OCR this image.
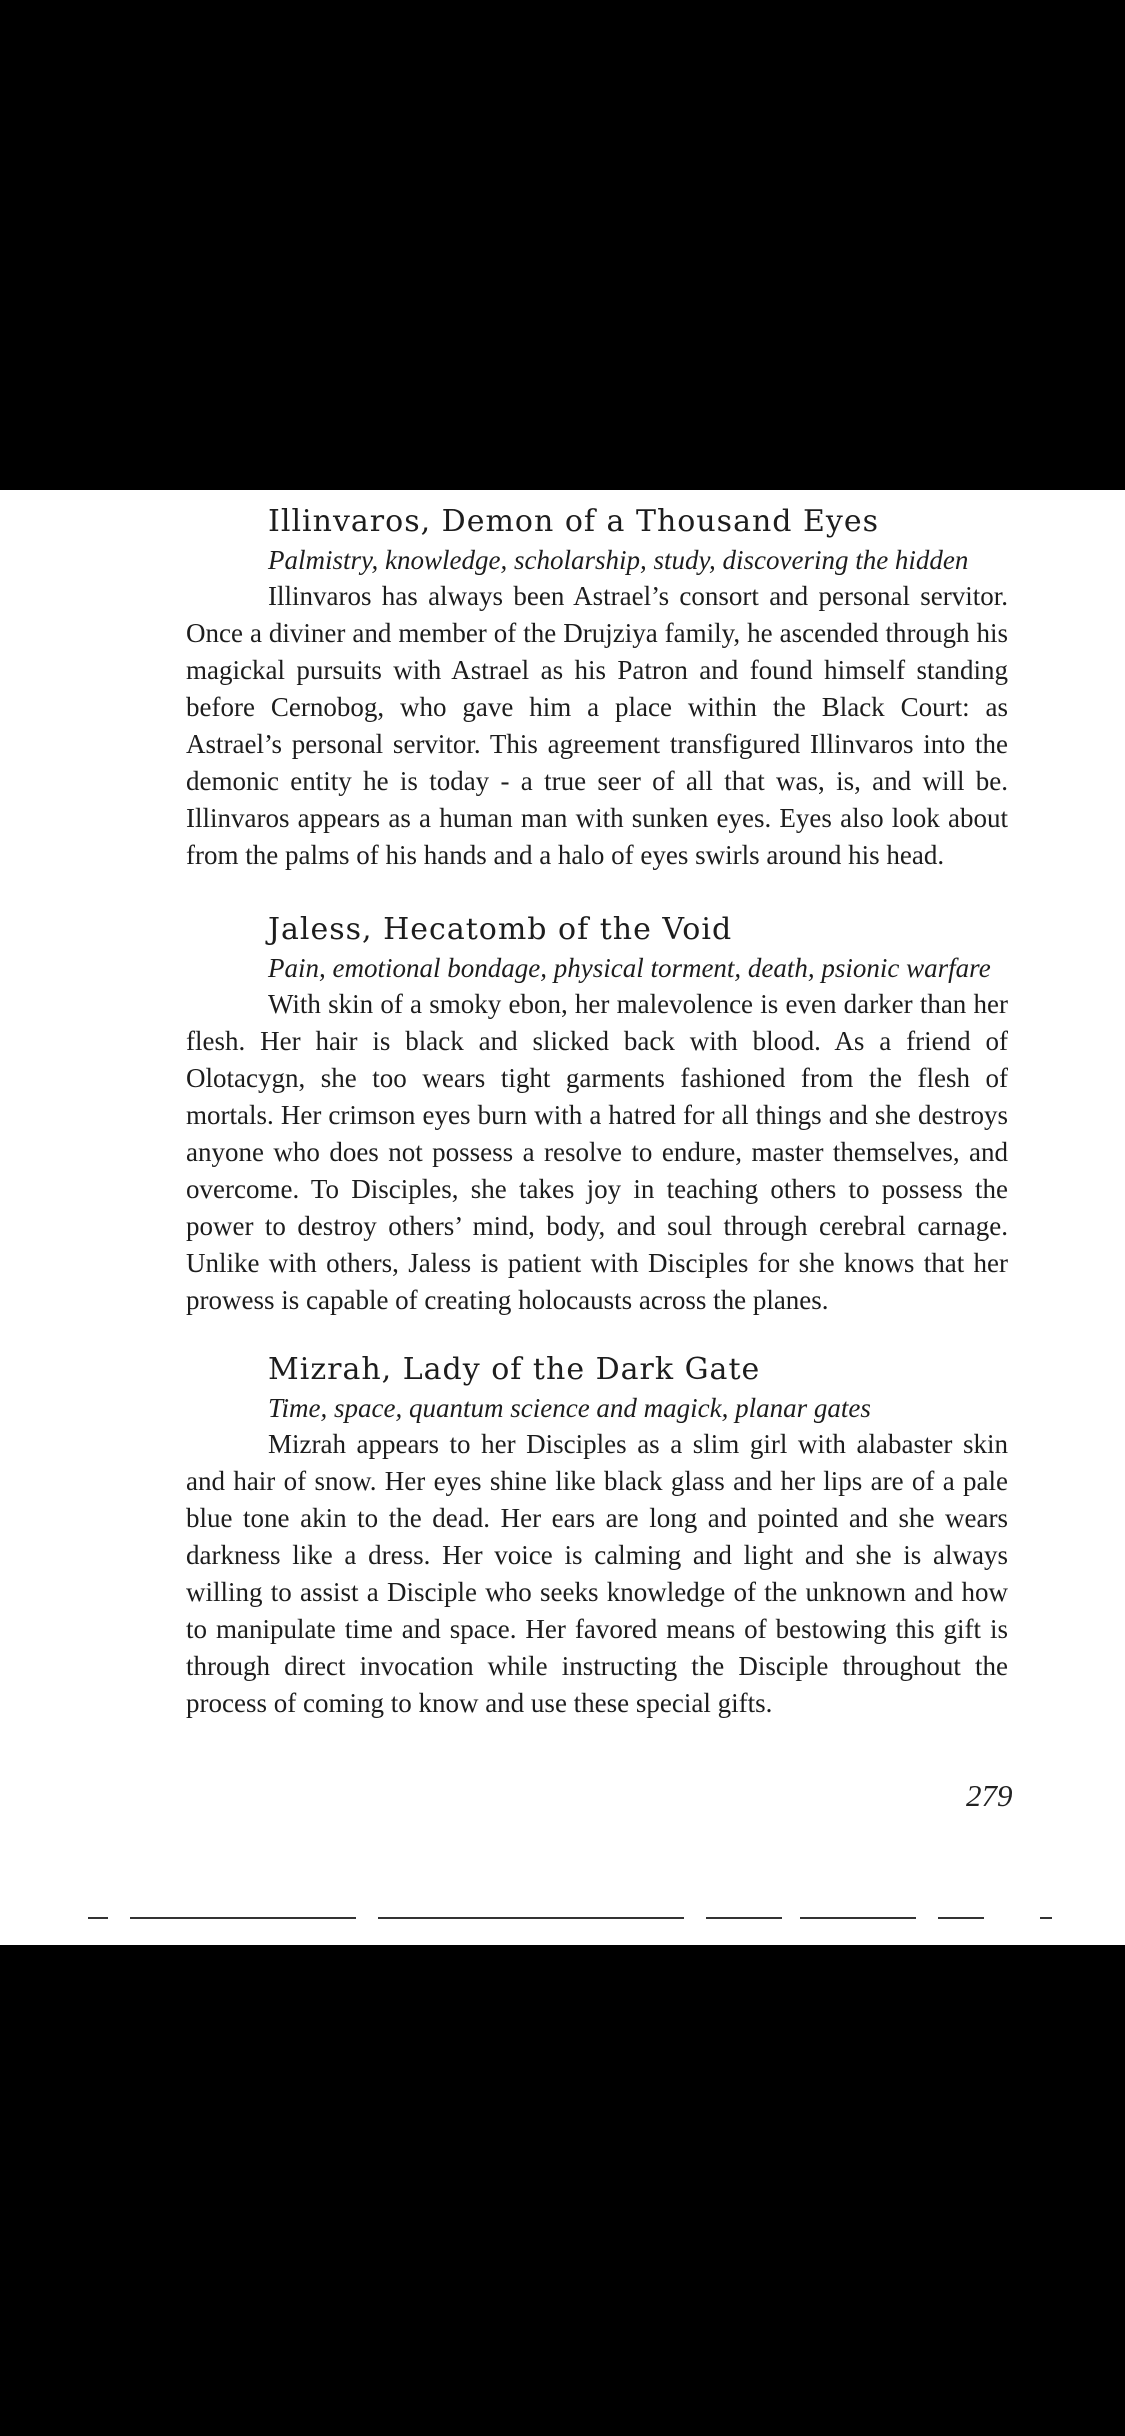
Illinvaros, Demon of a Thousand Eyes
Palmistry, knowledge, scholarship, study, discovering the hidden

Illinvaros has always been Astrael’s consort and personal servitor. Once a diviner and member of the Drujziya family, he ascended through his magickal pursuits with Astrael as his Patron and found himself standing before Cernobog, who gave him a place within the Black Court: as Astrael’s personal servitor. This agreement transfigured Illinvaros into the demonic entity he is today - a true seer of all that was, is, and will be. Illinvaros appears as a human man with sunken eyes. Eyes also look about from the palms of his hands and a halo of eyes swirls around his head.

Jaless, Hecatomb of the Void
Pain, emotional bondage, physical torment, death, psionic warfare

With skin of a smoky ebon, her malevolence is even darker than her flesh. Her hair is black and slicked back with blood. As a friend of Olotacygn, she too wears tight garments fashioned from the flesh of mortals. Her crimson eyes burn with a hatred for all things and she destroys anyone who does not possess a resolve to endure, master themselves, and overcome. To Disciples, she takes joy in teaching others to possess the power to destroy others’ mind, body, and soul through cerebral carnage. Unlike with others, Jaless is patient with Disciples for she knows that her prowess is capable of creating holocausts across the planes.

Mizrah, Lady of the Dark Gate
Time, space, quantum science and magick, planar gates

Mizrah appears to her Disciples as a slim girl with alabaster skin and hair of snow. Her eyes shine like black glass and her lips are of a pale blue tone akin to the dead. Her ears are long and pointed and she wears darkness like a dress. Her voice is calming and light and she is always willing to assist a Disciple who seeks knowledge of the unknown and how to manipulate time and space. Her favored means of bestowing this gift is through direct invocation while instructing the Disciple throughout the process of coming to know and use these special gifts.

279
